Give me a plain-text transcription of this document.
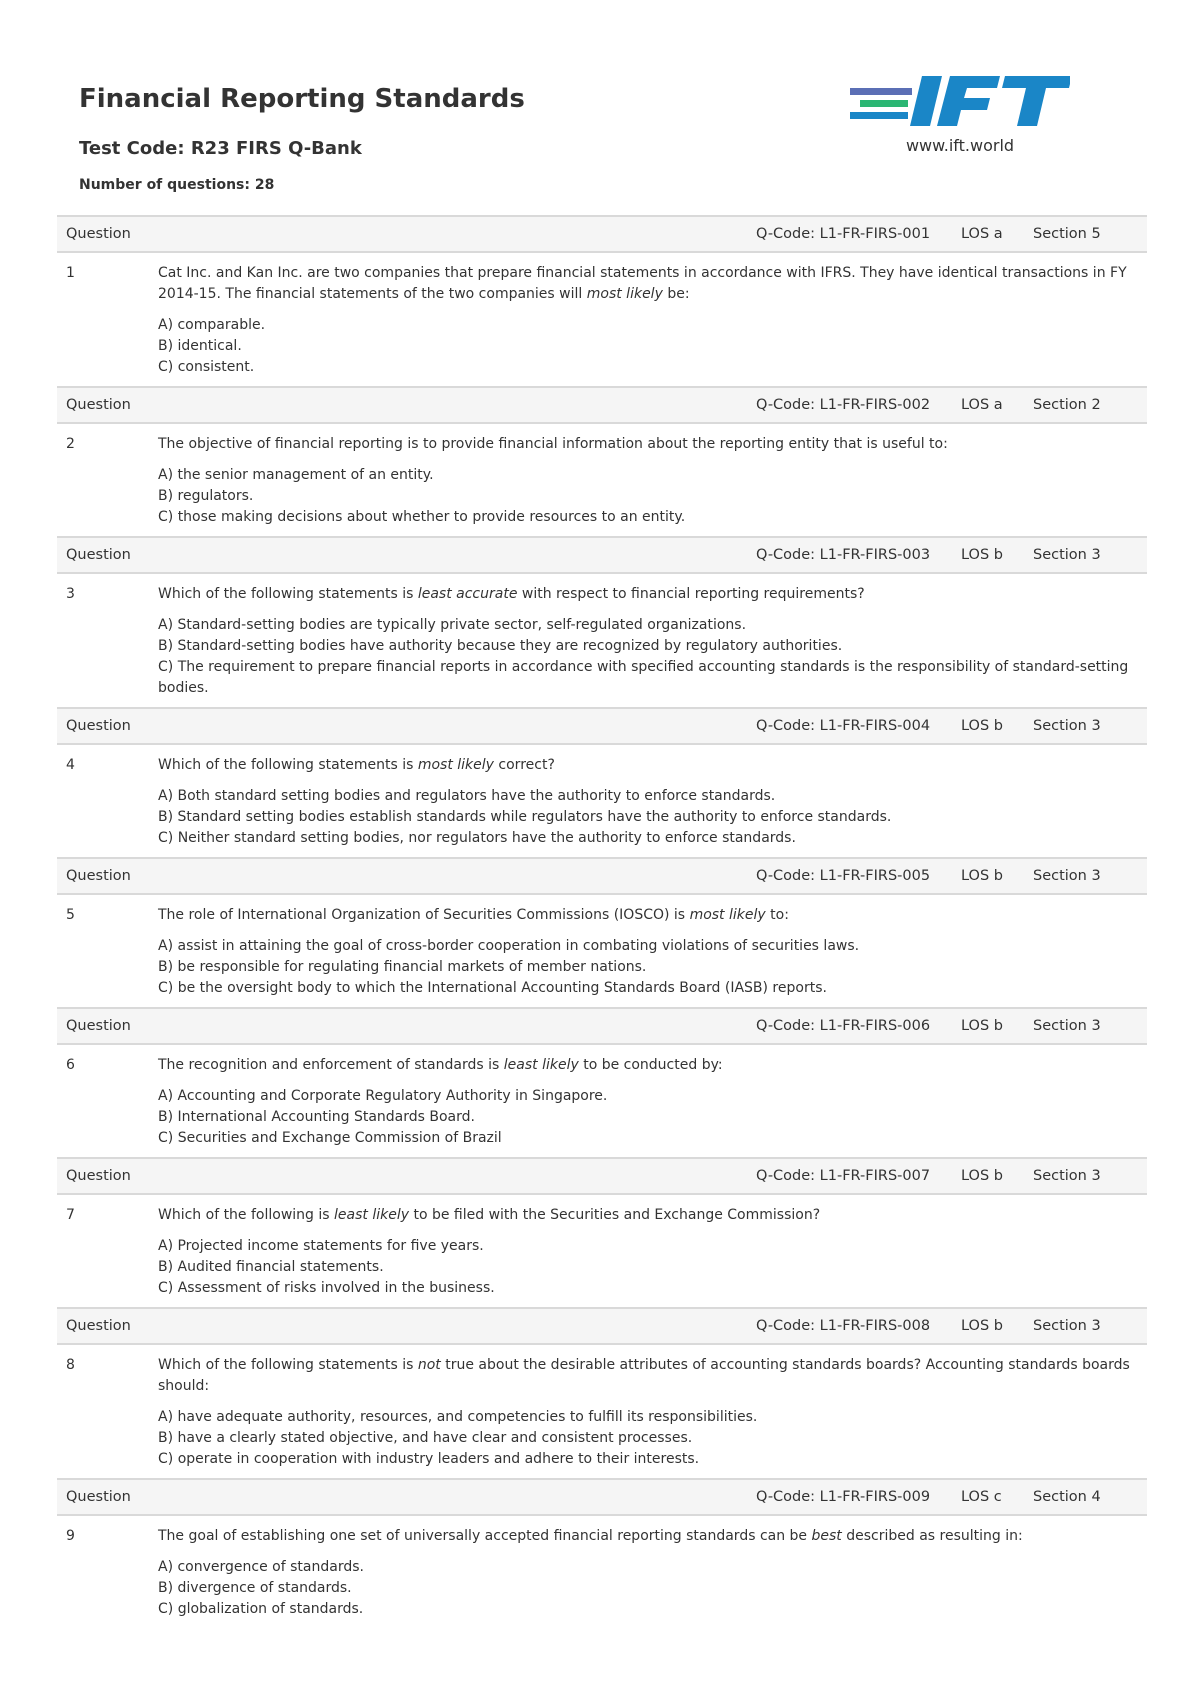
Financial Reporting Standards
Test Code: R23 FIRS Q-Bank
Number of questions: 28
www.ift.world
Question	Q-Code: L1-FR-FIRS-001	LOS a	Section 5
1	Cat Inc. and Kan Inc. are two companies that prepare financial statements in accordance with IFRS. They have identical transactions in FY 2014-15. The financial statements of the two companies will most likely be:

A) comparable.

B) identical.

C) consistent.

Question	Q-Code: L1-FR-FIRS-002	LOS a	Section 2
2	The objective of financial reporting is to provide financial information about the reporting entity that is useful to:

A) the senior management of an entity.

B) regulators.

C) those making decisions about whether to provide resources to an entity.

Question	Q-Code: L1-FR-FIRS-003	LOS b	Section 3
3	Which of the following statements is least accurate with respect to financial reporting requirements?

A) Standard-setting bodies are typically private sector, self-regulated organizations.

B) Standard-setting bodies have authority because they are recognized by regulatory authorities.

C) The requirement to prepare financial reports in accordance with specified accounting standards is the responsibility of standard-setting bodies.

Question	Q-Code: L1-FR-FIRS-004	LOS b	Section 3
4	Which of the following statements is most likely correct?

A) Both standard setting bodies and regulators have the authority to enforce standards.

B) Standard setting bodies establish standards while regulators have the authority to enforce standards.

C) Neither standard setting bodies, nor regulators have the authority to enforce standards.

Question	Q-Code: L1-FR-FIRS-005	LOS b	Section 3
5	The role of International Organization of Securities Commissions (IOSCO) is most likely to:

A) assist in attaining the goal of cross-border cooperation in combating violations of securities laws.

B) be responsible for regulating financial markets of member nations.

C) be the oversight body to which the International Accounting Standards Board (IASB) reports.

Question	Q-Code: L1-FR-FIRS-006	LOS b	Section 3
6	The recognition and enforcement of standards is least likely to be conducted by:

A) Accounting and Corporate Regulatory Authority in Singapore.

B) International Accounting Standards Board.

C) Securities and Exchange Commission of Brazil

Question	Q-Code: L1-FR-FIRS-007	LOS b	Section 3
7	Which of the following is least likely to be filed with the Securities and Exchange Commission?

A) Projected income statements for five years.

B) Audited financial statements.

C) Assessment of risks involved in the business.

Question	Q-Code: L1-FR-FIRS-008	LOS b	Section 3
8	Which of the following statements is not true about the desirable attributes of accounting standards boards? Accounting standards boards should:

A) have adequate authority, resources, and competencies to fulfill its responsibilities.

B) have a clearly stated objective, and have clear and consistent processes.

C) operate in cooperation with industry leaders and adhere to their interests.

Question	Q-Code: L1-FR-FIRS-009	LOS c	Section 4
9	The goal of establishing one set of universally accepted financial reporting standards can be best described as resulting in:

A) convergence of standards.

B) divergence of standards.

C) globalization of standards.
